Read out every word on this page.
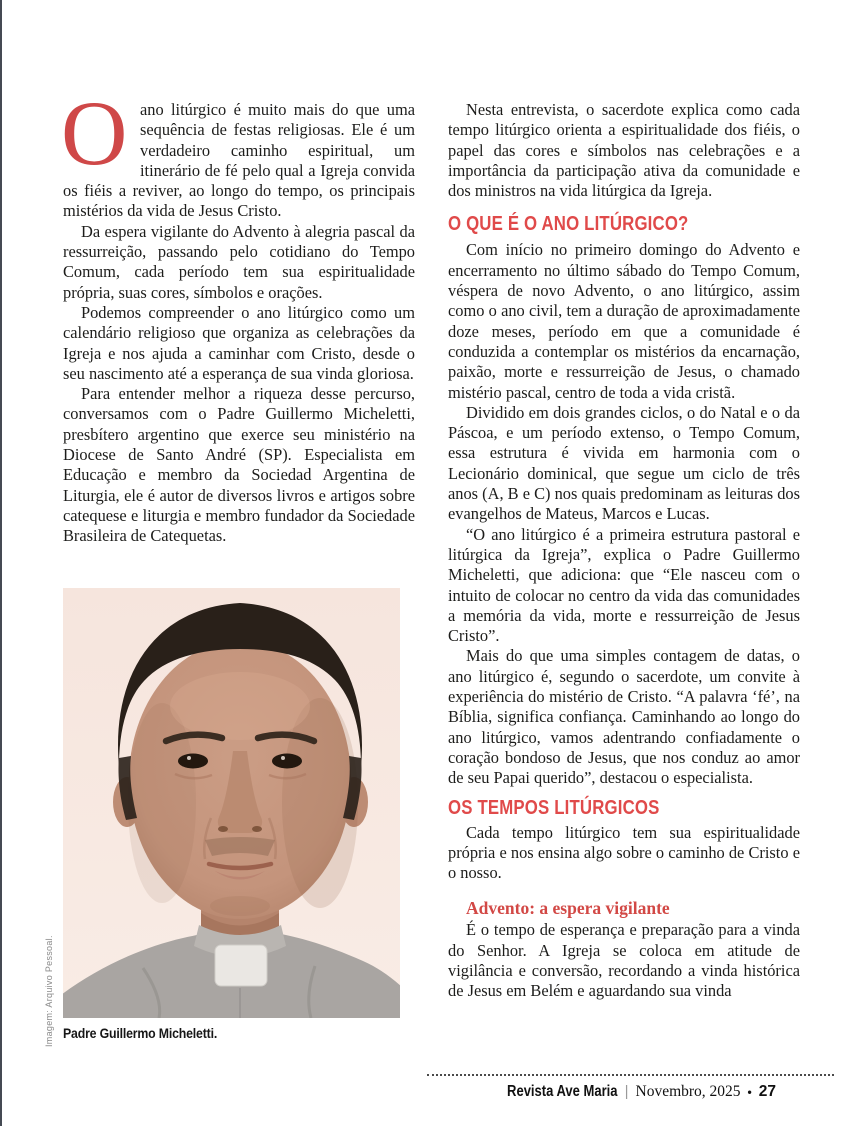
Oano litúrgico é muito mais do que uma sequência de festas religiosas. Ele é um verdadeiro caminho espiritual, um itinerário de fé pelo qual a Igreja convida os fiéis a reviver, ao longo do tempo, os principais mistérios da vida de Jesus Cristo.

Da espera vigilante do Advento à alegria pascal da ressurreição, passando pelo cotidiano do Tempo Comum, cada período tem sua espiritualidade própria, suas cores, símbolos e orações.

Podemos compreender o ano litúrgico como um calendário religioso que organiza as celebrações da Igreja e nos ajuda a caminhar com Cristo, desde o seu nascimento até a esperança de sua vinda gloriosa.

Para entender melhor a riqueza desse percurso, conversamos com o Padre Guillermo Micheletti, presbítero argentino que exerce seu ministério na Diocese de Santo André (SP). Especialista em Educação e membro da Sociedad Argentina de Liturgia, ele é autor de diversos livros e artigos sobre catequese e liturgia e membro fundador da Sociedade Brasileira de Catequetas.

Padre Guillermo Micheletti.
Imagem: Arquivo Pessoal.

Nesta entrevista, o sacerdote explica como cada tempo litúrgico orienta a espiritualidade dos fiéis, o papel das cores e símbolos nas celebrações e a importância da participação ativa da comunidade e dos ministros na vida litúrgica da Igreja.

O QUE É O ANO LITÚRGICO?

Com início no primeiro domingo do Advento e encerramento no último sábado do Tempo Comum, véspera de novo Advento, o ano litúrgico, assim como o ano civil, tem a duração de aproximadamente doze meses, período em que a comunidade é conduzida a contemplar os mistérios da encarnação, paixão, morte e ressurreição de Jesus, o chamado mistério pascal, centro de toda a vida cristã.

Dividido em dois grandes ciclos, o do Natal e o da Páscoa, e um período extenso, o Tempo Comum, essa estrutura é vivida em harmonia com o Lecionário dominical, que segue um ciclo de três anos (A, B e C) nos quais predominam as leituras dos evangelhos de Mateus, Marcos e Lucas.

“O ano litúrgico é a primeira estrutura pastoral e litúrgica da Igreja”, explica o Padre Guillermo Micheletti, que adiciona: que “Ele nasceu com o intuito de colocar no centro da vida das comunidades a memória da vida, morte e ressurreição de Jesus Cristo”.

Mais do que uma simples contagem de datas, o ano litúrgico é, segundo o sacerdote, um convite à experiência do mistério de Cristo. “A palavra ‘fé’, na Bíblia, significa confiança. Caminhando ao longo do ano litúrgico, vamos adentrando confiadamente o coração bondoso de Jesus, que nos conduz ao amor de seu Papai querido”, destacou o especialista.

OS TEMPOS LITÚRGICOS

Cada tempo litúrgico tem sua espiritualidade própria e nos ensina algo sobre o caminho de Cristo e o nosso.

Advento: a espera vigilante

É o tempo de esperança e preparação para a vinda do Senhor. A Igreja se coloca em atitude de vigilância e conversão, recordando a vinda histórica de Jesus em Belém e aguardando sua vinda

Revista Ave Maria | Novembro, 2025 • 27
